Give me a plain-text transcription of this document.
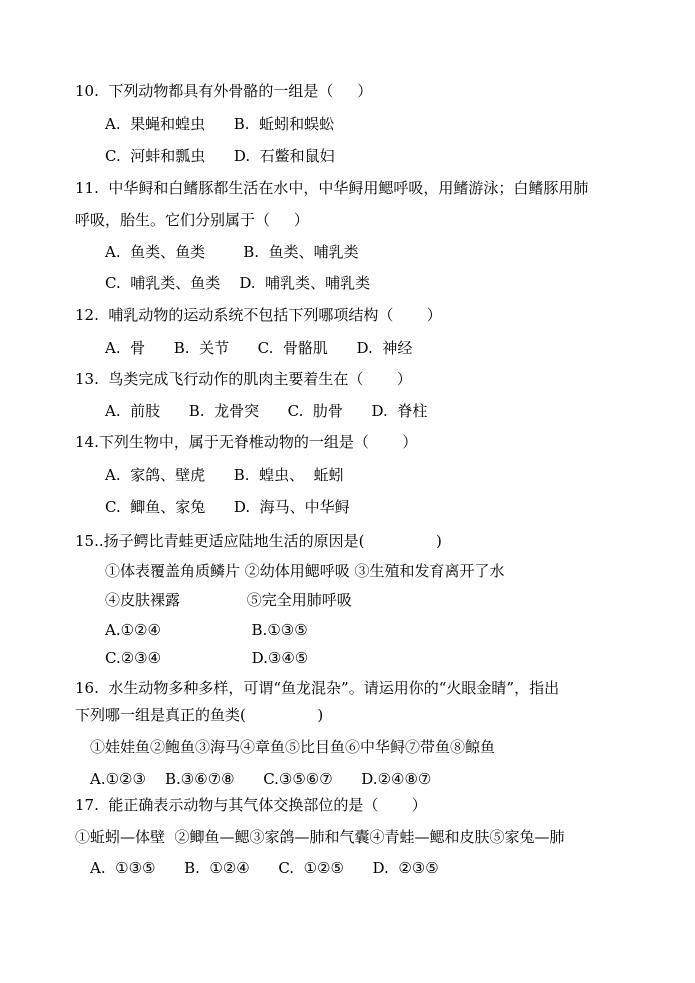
10.  下列动物都具有外骨骼的一组是（     ）
A.  果蝇和蝗虫      B.  蚯蚓和蜈蚣
C.  河蚌和瓢虫      D.  石鳖和鼠妇
11.  中华鲟和白鳍豚都生活在水中，中华鲟用鳃呼吸，用鳍游泳；白鳍豚用肺
呼吸，胎生。它们分别属于（     ）
A.  鱼类、鱼类        B.  鱼类、哺乳类
C.  哺乳类、鱼类    D.  哺乳类、哺乳类
12.  哺乳动物的运动系统不包括下列哪项结构（       ）
A.  骨      B.  关节      C.  骨骼肌      D.  神经
13.  鸟类完成飞行动作的肌肉主要着生在（       ）
A.  前肢      B.  龙骨突      C.  肋骨      D.  脊柱
14.下列生物中，属于无脊椎动物的一组是（       ）
A.  家鸽、壁虎      B.  蝗虫、  蚯蚓
C.  鲫鱼、家兔      D.  海马、中华鲟
15..扬子鳄比青蛙更适应陆地生活的原因是(               )
①体表覆盖角质鳞片 ②幼体用鳃呼吸 ③生殖和发育离开了水
④皮肤裸露              ⑤完全用肺呼吸
A.①②④                   B.①③⑤
C.②③④                   D.③④⑤
16.  水生动物多种多样，可谓“鱼龙混杂”。请运用你的“火眼金睛”，指出
下列哪一组是真正的鱼类(               )
①娃娃鱼②鲍鱼③海马④章鱼⑤比目鱼⑥中华鲟⑦带鱼⑧鲸鱼
A.①②③    B.③⑥⑦⑧      C.③⑤⑥⑦      D.②④⑧⑦
17.  能正确表示动物与其气体交换部位的是（       ）
①蚯蚓—体壁  ②鲫鱼—鳃③家鸽—肺和气囊④青蛙—鳃和皮肤⑤家兔—肺
A.  ①③⑤      B.  ①②④      C.  ①②⑤      D.  ②③⑤
